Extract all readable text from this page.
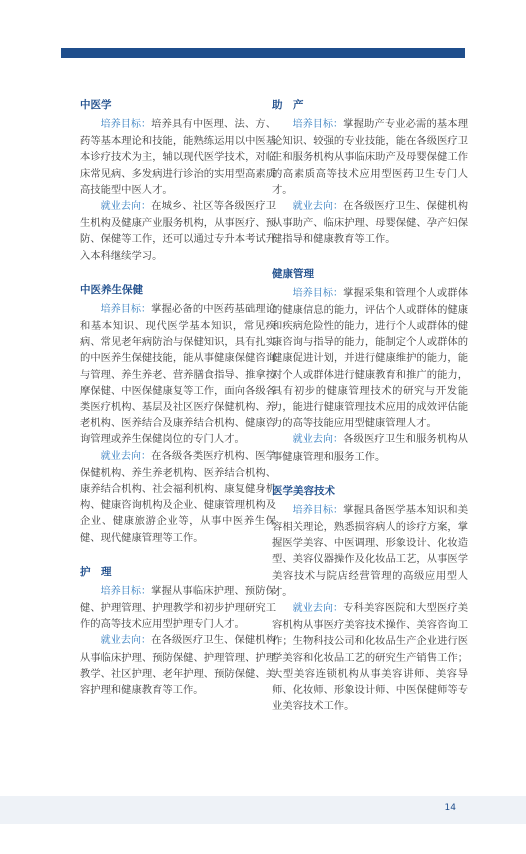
中医学

培养目标：培养具有中医理、法、方、药等基本理论和技能，能熟练运用以中医基本诊疗技术为主，辅以现代医学技术，对临床常见病、多发病进行诊治的实用型高素质高技能型中医人才。

就业去向：在城乡、社区等各级医疗卫生机构及健康产业服务机构，从事医疗、预防、保健等工作，还可以通过专升本考试升入本科继续学习。

中医养生保健

培养目标：掌握必备的中医药基础理论和基本知识、现代医学基本知识，常见疾病、常见老年病防治与保健知识，具有扎实的中医养生保健技能，能从事健康保健咨询与管理、养生养老、营养膳食指导、推拿按摩保健、中医保健康复等工作，面向各级各类医疗机构、基层及社区医疗保健机构、养老机构、医养结合及康养结合机构、健康咨询管理或养生保健岗位的专门人才。

就业去向：在各级各类医疗机构、医学保健机构、养生养老机构、医养结合机构、康养结合机构、社会福利机构、康复健身机构、健康咨询机构及企业、健康管理机构及企业、健康旅游企业等，从事中医养生保健、现代健康管理等工作。

护　理

培养目标：掌握从事临床护理、预防保健、护理管理、护理教学和初步护理研究工作的高等技术应用型护理专门人才。

就业去向：在各级医疗卫生、保健机构从事临床护理、预防保健、护理管理、护理教学、社区护理、老年护理、预防保健、美容护理和健康教育等工作。

助　产

培养目标：掌握助产专业必需的基本理论知识、较强的专业技能，能在各级医疗卫生和服务机构从事临床助产及母婴保健工作的高素质高等技术应用型医药卫生专门人才。

就业去向：在各级医疗卫生、保健机构从事助产、临床护理、母婴保健、孕产妇保健指导和健康教育等工作。

健康管理

培养目标：掌握采集和管理个人或群体的健康信息的能力，评估个人或群体的健康和疾病危险性的能力，进行个人或群体的健康咨询与指导的能力，能制定个人或群体的健康促进计划，并进行健康维护的能力，能对个人或群体进行健康教育和推广的能力，具有初步的健康管理技术的研究与开发能力，能进行健康管理技术应用的成效评估能力的高等技能应用型健康管理人才。

就业去向：各级医疗卫生和服务机构从事健康管理和服务工作。

医学美容技术

培养目标：掌握具备医学基本知识和美容相关理论，熟悉损容病人的诊疗方案，掌握医学美容、中医调理、形象设计、化妆造型、美容仪器操作及化妆品工艺，从事医学美容技术与院店经营管理的高级应用型人才。

就业去向：专科美容医院和大型医疗美容机构从事医疗美容技术操作、美容咨询工作；生物科技公司和化妆品生产企业进行医学美容和化妆品工艺的研究生产销售工作；大型美容连锁机构从事美容讲师、美容导师、化妆师、形象设计师、中医保健师等专业美容技术工作。

14
